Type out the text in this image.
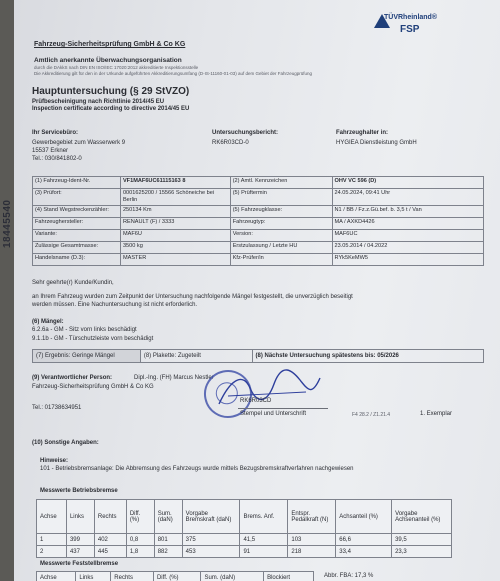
18445540
TÜVRheinland®
FSP
Fahrzeug-Sicherheitsprüfung GmbH & Co KG
Amtlich anerkannte Überwachungsorganisation
durch die DAkkS nach DIN EN ISO/IEC 17020:2012 akkreditierte Inspektionsstelle
Die Akkreditierung gilt für den in der Urkunde aufgeführten Akkreditierungsumfang (D-IS-11160-01-03) auf dem Gebiet der Fahrzeugprüfung
Hauptuntersuchung (§ 29 StVZO)
Prüfbescheinigung nach Richtlinie 2014/45 EU
Inspection certificate according to directive 2014/45 EU
Ihr Servicebüro:
Gewerbegebiet zum Wasserwerk 9
15537 Erkner
Tel.: 030/841802-0
Untersuchungsbericht:
RK6R03CD-0
Fahrzeughalter in:
HYGIEA Dienstleistung GmbH
(1) Fahrzeug-Ident-Nr.	VF1MAF6UC61115163 8	(2) Amtl. Kennzeichen	OHV VC 596 (D)
(3) Prüfort:	0001625200 / 15566 Schöneiche bei Berlin	(5) Prüftermin	24.05.2024, 09:41 Uhr
(4) Stand Wegstreckenzähler:	250134 Km	(5) Fahrzeugklasse:	N1 / BB / Fz.z.Gü.bef. b. 3,5 t / Van
Fahrzeughersteller:	RENAULT (F) / 3333	Fahrzeugtyp:	MA / AXKD4426
Variante:	MAF6U	Version:	MAF6UC
Zulässige Gesamtmasse:	3500 kg	Erstzulassung / Letzte HU	23.05.2014 / 04.2022
Handelsname (D.3):	MASTER	Kfz-Prüfer/in	RYk5KeMW5
Sehr geehrte(r) Kunde/Kundin,
an Ihrem Fahrzeug wurden zum Zeitpunkt der Untersuchung nachfolgende Mängel festgestellt, die unverzüglich beseitigt
werden müssen. Eine Nachuntersuchung ist nicht erforderlich.
(6) Mängel:
6.2.6a - GM - Sitz vorn links beschädigt
9.1.1b - GM - Türschutzleiste vorn beschädigt
(7) Ergebnis: Geringe Mängel	(8) Plakette: Zugeteilt	(8) Nächste Untersuchung spätestens bis: 05/2026
(9) Verantwortlicher Person:	Dipl.-Ing. (FH) Marcus Nestler
Fahrzeug-Sicherheitsprüfung GmbH & Co KG
Tel.: 01738634951
RK6R03CD
Stempel und Unterschrift	F4 28.2 / Z1.21.4	1. Exemplar
(10) Sonstige Angaben:
Hinweise:
101 - Betriebsbremsanlage: Die Abbremsung des Fahrzeugs wurde mittels Bezugsbremskraftverfahren nachgewiesen
Messwerte Betriebsbremse
Achse	Links	Rechts	Diff. (%)	Sum. (daN)	Vorgabe Bremskraft (daN)	Brems. Anf.	Entspr. Pedalkraft (N)	Achsanteil (%)	Vorgabe Achsenanteil (%)
1	399	402	0,8	801	375	41,5	103	66,6	39,5
2	437	445	1,8	882	453	91	218	33,4	23,3
Messwerte Feststellbremse
Achse	Links	Rechts	Diff. (%)	Sum. (daN)	Blockiert	Abbr. FBA: 17,3 %
